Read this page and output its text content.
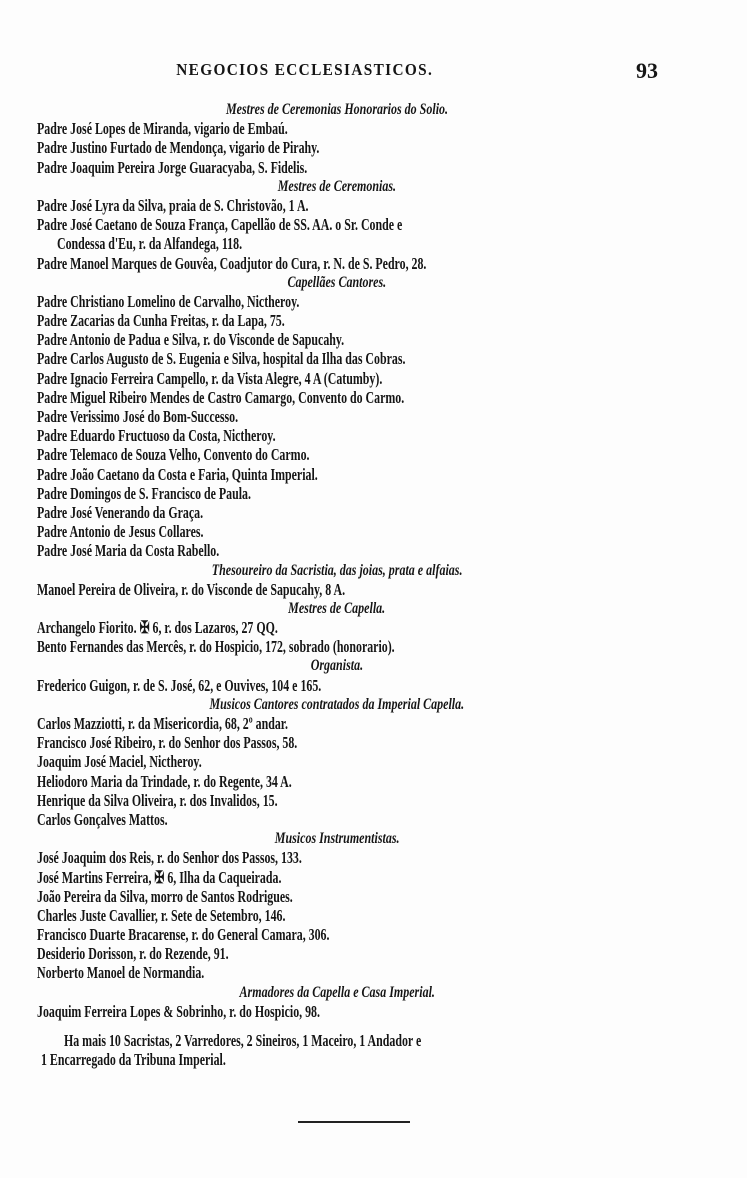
NEGOCIOS ECCLESIASTICOS.	93
Mestres de Ceremonias Honorarios do Solio.
Padre José Lopes de Miranda, vigario de Embaú.
Padre Justino Furtado de Mendonça, vigario de Pirahy.
Padre Joaquim Pereira Jorge Guaracyaba, S. Fidelis.
Mestres de Ceremonias.
Padre José Lyra da Silva, praia de S. Christovão, 1 A.
Padre José Caetano de Souza França, Capellão de SS. AA. o Sr. Conde e
Condessa d'Eu, r. da Alfandega, 118.
Padre Manoel Marques de Gouvêa, Coadjutor do Cura, r. N. de S. Pedro, 28.
Capellães Cantores.
Padre Christiano Lomelino de Carvalho, Nictheroy.
Padre Zacarias da Cunha Freitas, r. da Lapa, 75.
Padre Antonio de Padua e Silva, r. do Visconde de Sapucahy.
Padre Carlos Augusto de S. Eugenia e Silva, hospital da Ilha das Cobras.
Padre Ignacio Ferreira Campello, r. da Vista Alegre, 4 A (Catumby).
Padre Miguel Ribeiro Mendes de Castro Camargo, Convento do Carmo.
Padre Verissimo José do Bom-Successo.
Padre Eduardo Fructuoso da Costa, Nictheroy.
Padre Telemaco de Souza Velho, Convento do Carmo.
Padre João Caetano da Costa e Faria, Quinta Imperial.
Padre Domingos de S. Francisco de Paula.
Padre José Venerando da Graça.
Padre Antonio de Jesus Collares.
Padre José Maria da Costa Rabello.
Thesoureiro da Sacristia, das joias, prata e alfaias.
Manoel Pereira de Oliveira, r. do Visconde de Sapucahy, 8 A.
Mestres de Capella.
Archangelo Fiorito. ✠ 6, r. dos Lazaros, 27 QQ.
Bento Fernandes das Mercês, r. do Hospicio, 172, sobrado (honorario).
Organista.
Frederico Guigon, r. de S. José, 62, e Ouvives, 104 e 165.
Musicos Cantores contratados da Imperial Capella.
Carlos Mazziotti, r. da Misericordia, 68, 2º andar.
Francisco José Ribeiro, r. do Senhor dos Passos, 58.
Joaquim José Maciel, Nictheroy.
Heliodoro Maria da Trindade, r. do Regente, 34 A.
Henrique da Silva Oliveira, r. dos Invalidos, 15.
Carlos Gonçalves Mattos.
Musicos Instrumentistas.
José Joaquim dos Reis, r. do Senhor dos Passos, 133.
José Martins Ferreira, ✠ 6, Ilha da Caqueirada.
João Pereira da Silva, morro de Santos Rodrigues.
Charles Juste Cavallier, r. Sete de Setembro, 146.
Francisco Duarte Bracarense, r. do General Camara, 306.
Desiderio Dorisson, r. do Rezende, 91.
Norberto Manoel de Normandia.
Armadores da Capella e Casa Imperial.
Joaquim Ferreira Lopes & Sobrinho, r. do Hospicio, 98.
Ha mais 10 Sacristas, 2 Varredores, 2 Sineiros, 1 Maceiro, 1 Andador e
1 Encarregado da Tribuna Imperial.
